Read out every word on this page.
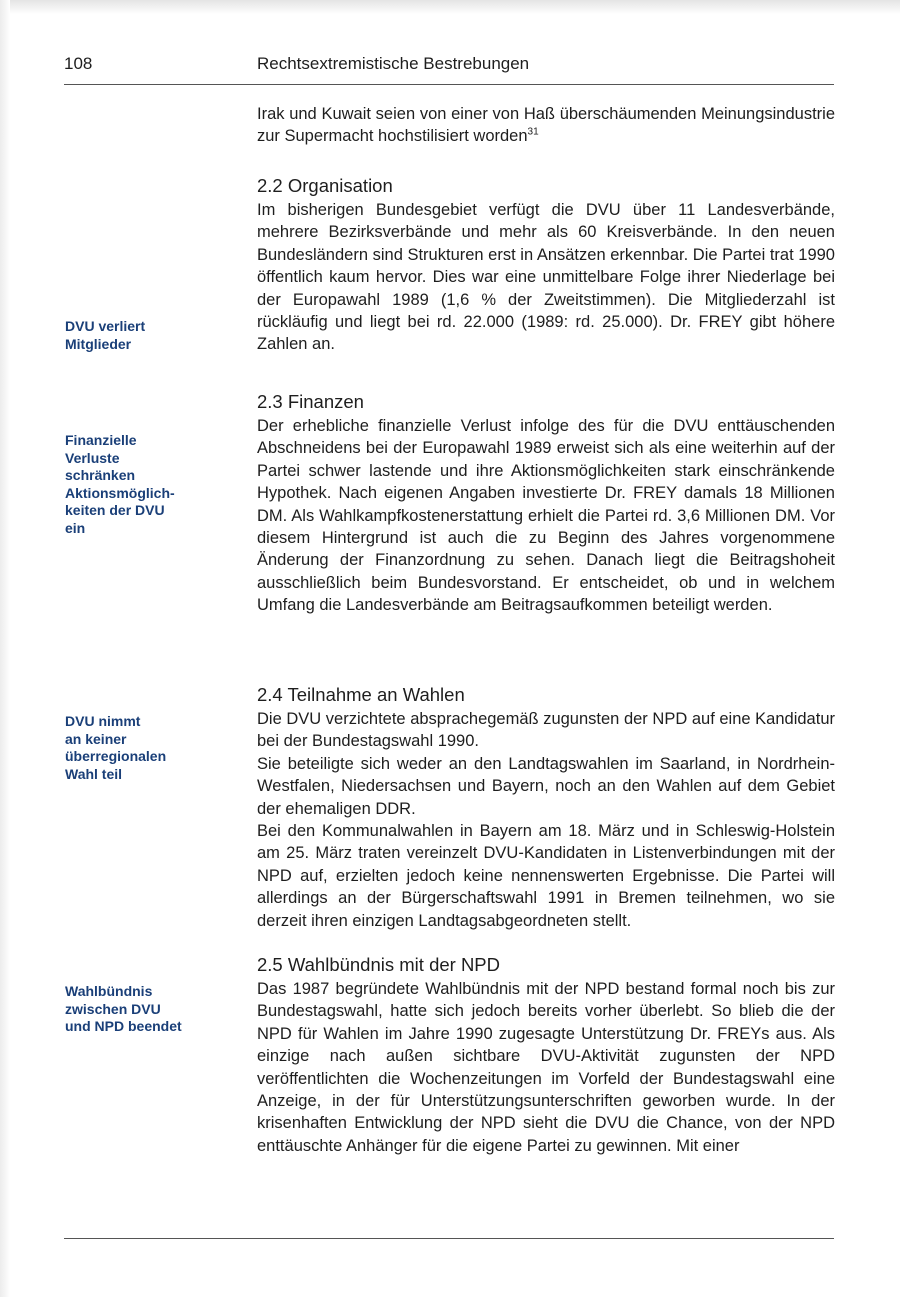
108	Rechtsextremistische Bestrebungen

Irak und Kuwait seien von einer von Haß überschäumenden Meinungsindustrie zur Supermacht hochstilisiert worden$^{31}$

2.2 Organisation

Im bisherigen Bundesgebiet verfügt die DVU über 11 Landesverbände, mehrere Bezirksverbände und mehr als 60 Kreisverbände. In den neuen Bundesländern sind Strukturen erst in Ansätzen erkennbar. Die Partei trat 1990 öffentlich kaum hervor. Dies war eine unmittelbare Folge ihrer Niederlage bei der Europawahl 1989 (1,6 % der Zweitstimmen). Die Mitgliederzahl ist rückläufig und liegt bei rd. 22.000 (1989: rd. 25.000). Dr. FREY gibt höhere Zahlen an.

2.3 Finanzen

Der erhebliche finanzielle Verlust infolge des für die DVU enttäuschenden Abschneidens bei der Europawahl 1989 erweist sich als eine weiterhin auf der Partei schwer lastende und ihre Aktionsmöglichkeiten stark einschränkende Hypothek. Nach eigenen Angaben investierte Dr. FREY damals 18 Millionen DM. Als Wahlkampfkostenerstattung erhielt die Partei rd. 3,6 Millionen DM. Vor diesem Hintergrund ist auch die zu Beginn des Jahres vorgenommene Änderung der Finanzordnung zu sehen. Danach liegt die Beitragshoheit ausschließlich beim Bundesvorstand. Er entscheidet, ob und in welchem Umfang die Landesverbände am Beitragsaufkommen beteiligt werden.

2.4 Teilnahme an Wahlen

Die DVU verzichtete absprachegemäß zugunsten der NPD auf eine Kandidatur bei der Bundestagswahl 1990.

Sie beteiligte sich weder an den Landtagswahlen im Saarland, in Nordrhein-Westfalen, Niedersachsen und Bayern, noch an den Wahlen auf dem Gebiet der ehemaligen DDR.

Bei den Kommunalwahlen in Bayern am 18. März und in Schleswig-Holstein am 25. März traten vereinzelt DVU-Kandidaten in Listenverbindungen mit der NPD auf, erzielten jedoch keine nennenswerten Ergebnisse. Die Partei will allerdings an der Bürgerschaftswahl 1991 in Bremen teilnehmen, wo sie derzeit ihren einzigen Landtagsabgeordneten stellt.

2.5 Wahlbündnis mit der NPD

Das 1987 begründete Wahlbündnis mit der NPD bestand formal noch bis zur Bundestagswahl, hatte sich jedoch bereits vorher überlebt. So blieb die der NPD für Wahlen im Jahre 1990 zugesagte Unterstützung Dr. FREYs aus. Als einzige nach außen sichtbare DVU-Aktivität zugunsten der NPD veröffentlichten die Wochenzeitungen im Vorfeld der Bundestagswahl eine Anzeige, in der für Unterstützungsunterschriften geworben wurde. In der krisenhaften Entwicklung der NPD sieht die DVU die Chance, von der NPD enttäuschte Anhänger für die eigene Partei zu gewinnen. Mit einer

DVU verliert
Mitglieder
Finanzielle
Verluste
schränken
Aktionsmöglich-
keiten der DVU
ein
DVU nimmt
an keiner
überregionalen
Wahl teil
Wahlbündnis
zwischen DVU
und NPD beendet
